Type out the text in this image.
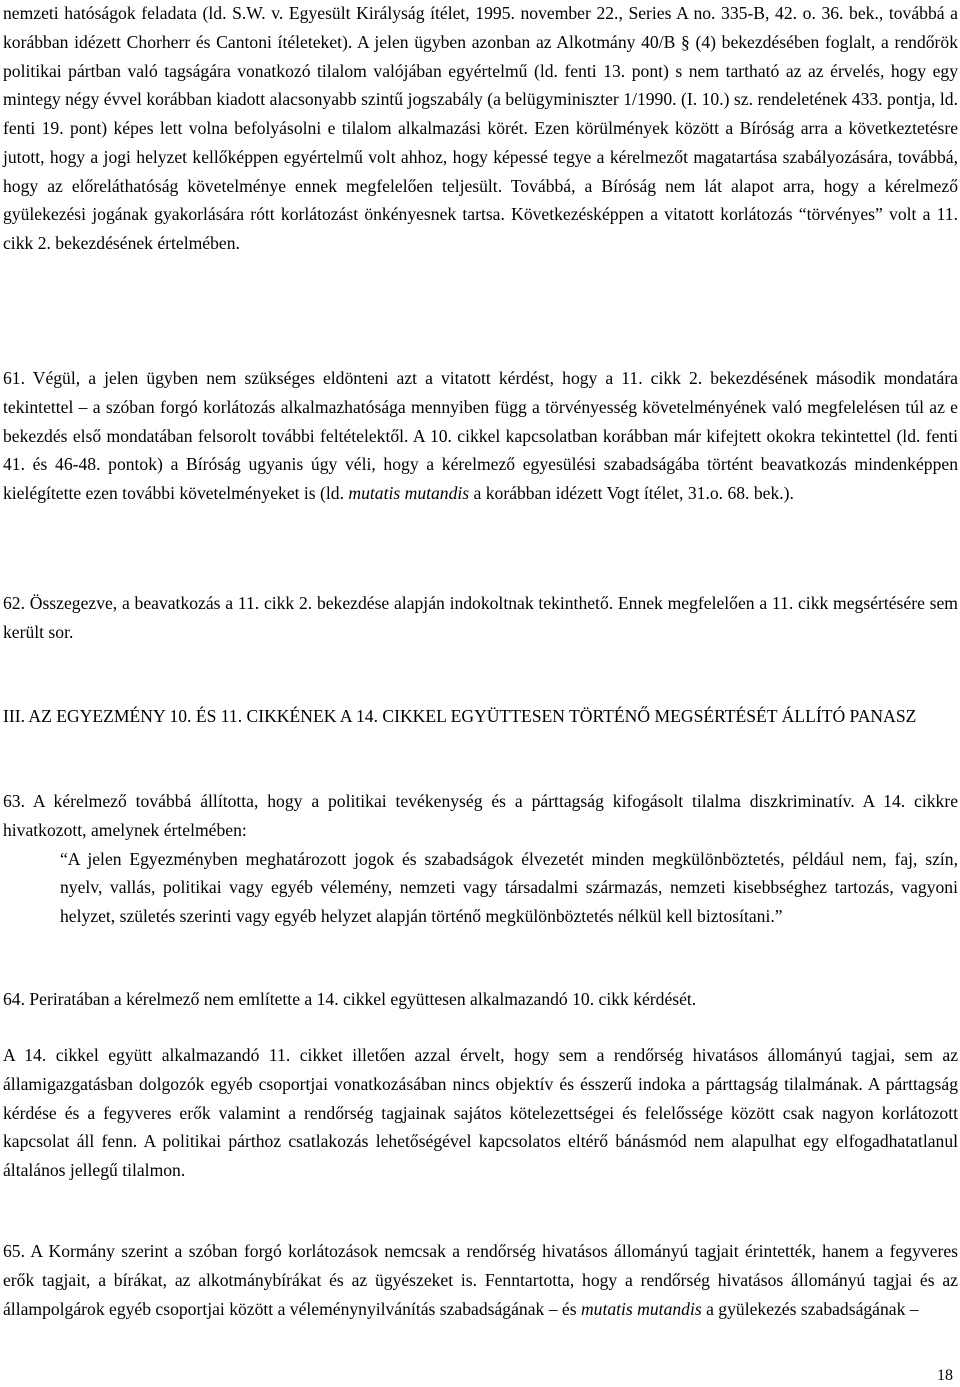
nemzeti hatóságok feladata (ld. S.W. v. Egyesült Királyság ítélet, 1995. november 22., Series A no. 335-B, 42. o. 36. bek., továbbá a korábban idézett Chorherr és Cantoni ítéleteket). A jelen ügyben azonban az Alkotmány 40/B § (4) bekezdésében foglalt, a rendőrök politikai pártban való tagságára vonatkozó tilalom valójában egyértelmű (ld. fenti 13. pont) s nem tartható az az érvelés, hogy egy mintegy négy évvel korábban kiadott alacsonyabb szintű jogszabály (a belügyminiszter 1/1990. (I. 10.) sz. rendeletének 433. pontja, ld. fenti 19. pont) képes lett volna befolyásolni e tilalom alkalmazási körét. Ezen körülmények között a Bíróság arra a következtetésre jutott, hogy a jogi helyzet kellőképpen egyértelmű volt ahhoz, hogy képessé tegye a kérelmezőt magatartása szabályozására, továbbá, hogy az előreláthatóság követelménye ennek megfelelően teljesült. Továbbá, a Bíróság nem lát alapot arra, hogy a kérelmező gyülekezési jogának gyakorlására rótt korlátozást önkényesnek tartsa. Következésképpen a vitatott korlátozás “törvényes” volt a 11. cikk 2. bekezdésének értelmében.

61. Végül, a jelen ügyben nem szükséges eldönteni azt a vitatott kérdést, hogy a 11. cikk 2. bekezdésének második mondatára tekintettel – a szóban forgó korlátozás alkalmazhatósága mennyiben függ a törvényesség követelményének való megfelelésen túl az e bekezdés első mondatában felsorolt további feltételektől. A 10. cikkel kapcsolatban korábban már kifejtett okokra tekintettel (ld. fenti 41. és 46-48. pontok) a Bíróság ugyanis úgy véli, hogy a kérelmező egyesülési szabadságába történt beavatkozás mindenképpen kielégítette ezen további követelményeket is (ld. mutatis mutandis a korábban idézett Vogt ítélet, 31.o. 68. bek.).

62. Összegezve, a beavatkozás a 11. cikk 2. bekezdése alapján indokoltnak tekinthető. Ennek megfelelően a 11. cikk megsértésére sem került sor.

III. AZ EGYEZMÉNY 10. ÉS 11. CIKKÉNEK A 14. CIKKEL EGYÜTTESEN TÖRTÉNŐ MEGSÉRTÉSÉT ÁLLÍTÓ PANASZ

63. A kérelmező továbbá állította, hogy a politikai tevékenység és a párttagság kifogásolt tilalma diszkriminatív. A 14. cikkre hivatkozott, amelynek értelmében:

“A jelen Egyezményben meghatározott jogok és szabadságok élvezetét minden megkülönböztetés, például nem, faj, szín, nyelv, vallás, politikai vagy egyéb vélemény, nemzeti vagy társadalmi származás, nemzeti kisebbséghez tartozás, vagyoni helyzet, születés szerinti vagy egyéb helyzet alapján történő megkülönböztetés nélkül kell biztosítani.”

64. Periratában a kérelmező nem említette a 14. cikkel együttesen alkalmazandó 10. cikk kérdését.

A 14. cikkel együtt alkalmazandó 11. cikket illetően azzal érvelt, hogy sem a rendőrség hivatásos állományú tagjai, sem az államigazgatásban dolgozók egyéb csoportjai vonatkozásában nincs objektív és ésszerű indoka a párttagság tilalmának. A párttagság kérdése és a fegyveres erők valamint a rendőrség tagjainak sajátos kötelezettségei és felelőssége között csak nagyon korlátozott kapcsolat áll fenn. A politikai párthoz csatlakozás lehetőségével kapcsolatos eltérő bánásmód nem alapulhat egy elfogadhatatlanul általános jellegű tilalmon.

65. A Kormány szerint a szóban forgó korlátozások nemcsak a rendőrség hivatásos állományú tagjait érintették, hanem a fegyveres erők tagjait, a bírákat, az alkotmánybírákat és az ügyészeket is. Fenntartotta, hogy a rendőrség hivatásos állományú tagjai és az állampolgárok egyéb csoportjai között a véleménynyilvánítás szabadságának – és mutatis mutandis a gyülekezés szabadságának –

18
